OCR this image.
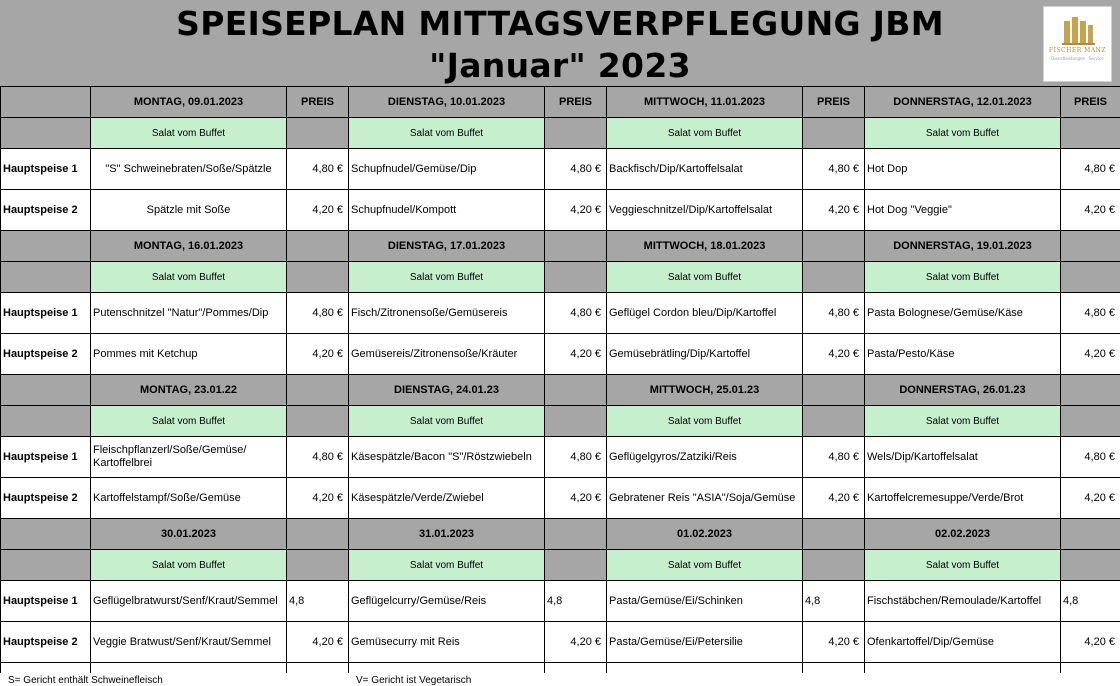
SPEISEPLAN MITTAGSVERPFLEGUNG JBM
"Januar" 2023	FISCHER MANZ
Dienstleistungen · Service
	MONTAG, 09.01.2023	PREIS	DIENSTAG, 10.01.2023	PREIS	MITTWOCH, 11.01.2023	PREIS	DONNERSTAG, 12.01.2023	PREIS
	Salat vom Buffet		Salat vom Buffet		Salat vom Buffet		Salat vom Buffet	
Hauptspeise 1	"S" Schweinebraten/Soße/Spätzle	4,80 €	Schupfnudel/Gemüse/Dip	4,80 €	Backfisch/Dip/Kartoffelsalat	4,80 €	Hot Dop	4,80 €
Hauptspeise 2	Spätzle mit Soße	4,20 €	Schupfnudel/Kompott	4,20 €	Veggieschnitzel/Dip/Kartoffelsalat	4,20 €	Hot Dog "Veggie"	4,20 €
	MONTAG, 16.01.2023		DIENSTAG, 17.01.2023		MITTWOCH, 18.01.2023		DONNERSTAG, 19.01.2023	
	Salat vom Buffet		Salat vom Buffet		Salat vom Buffet		Salat vom Buffet	
Hauptspeise 1	Putenschnitzel "Natur"/Pommes/Dip	4,80 €	Fisch/Zitronensoße/Gemüsereis	4,80 €	Geflügel Cordon bleu/Dip/Kartoffel	4,80 €	Pasta Bolognese/Gemüse/Käse	4,80 €
Hauptspeise 2	Pommes mit Ketchup	4,20 €	Gemüsereis/Zitronensoße/Kräuter	4,20 €	Gemüsebrätling/Dip/Kartoffel	4,20 €	Pasta/Pesto/Käse	4,20 €
	MONTAG, 23.01.22		DIENSTAG, 24.01.23		MITTWOCH, 25.01.23		DONNERSTAG, 26.01.23	
	Salat vom Buffet		Salat vom Buffet		Salat vom Buffet		Salat vom Buffet	
Hauptspeise 1	Fleischpflanzerl/Soße/Gemüse/ Kartoffelbrei	4,80 €	Käsespätzle/Bacon "S"/Röstzwiebeln	4,80 €	Geflügelgyros/Zatziki/Reis	4,80 €	Wels/Dip/Kartoffelsalat	4,80 €
Hauptspeise 2	Kartoffelstampf/Soße/Gemüse	4,20 €	Käsespätzle/Verde/Zwiebel	4,20 €	Gebratener Reis "ASIA"/Soja/Gemüse	4,20 €	Kartoffelcremesuppe/Verde/Brot	4,20 €
	30.01.2023		31.01.2023		01.02.2023		02.02.2023	
	Salat vom Buffet		Salat vom Buffet		Salat vom Buffet		Salat vom Buffet	
Hauptspeise 1	Geflügelbratwurst/Senf/Kraut/Semmel	4,8	Geflügelcurry/Gemüse/Reis	4,8	Pasta/Gemüse/Ei/Schinken	4,8	Fischstäbchen/Remoulade/Kartoffel	4,8
Hauptspeise 2	Veggie Bratwust/Senf/Kraut/Semmel	4,20 €	Gemüsecurry mit Reis	4,20 €	Pasta/Gemüse/Ei/Petersilie	4,20 €	Ofenkartoffel/Dip/Gemüse	4,20 €

S= Gericht enthält Schweinefleisch	V= Gericht ist Vegetarisch
